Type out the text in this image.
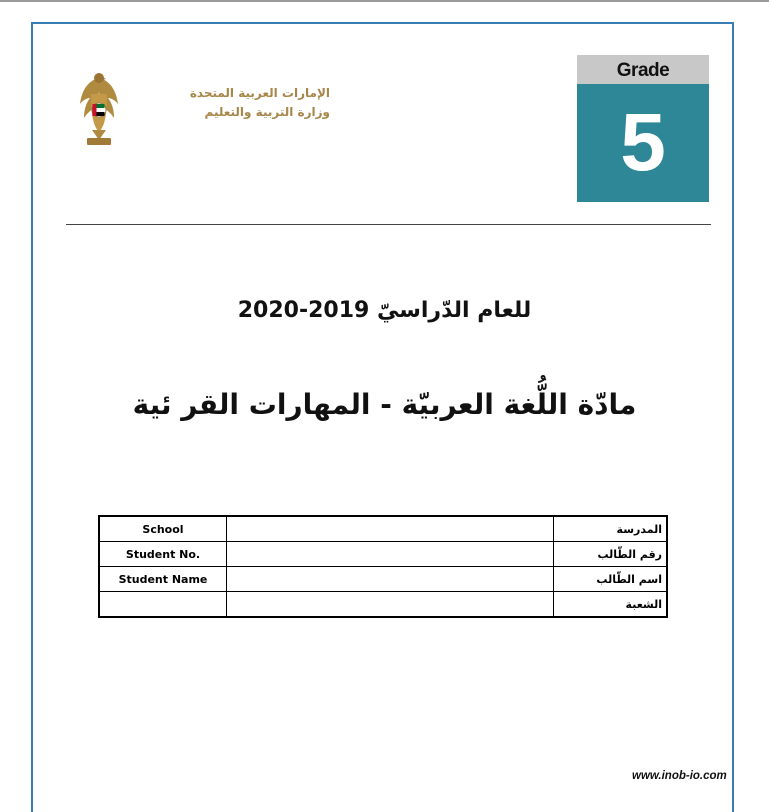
Grade
5
الإمارات العربية المتحدة
وزارة التربية والتعليم
للعام الدّراسيّ 2019-2020
مادّة اللُّغة العربيّة - المهارات القر ئية
School		المدرسة
Student No.		رقم الطّالب
Student Name		اسم الطّالب
		الشعبة
www.inob-io.com
